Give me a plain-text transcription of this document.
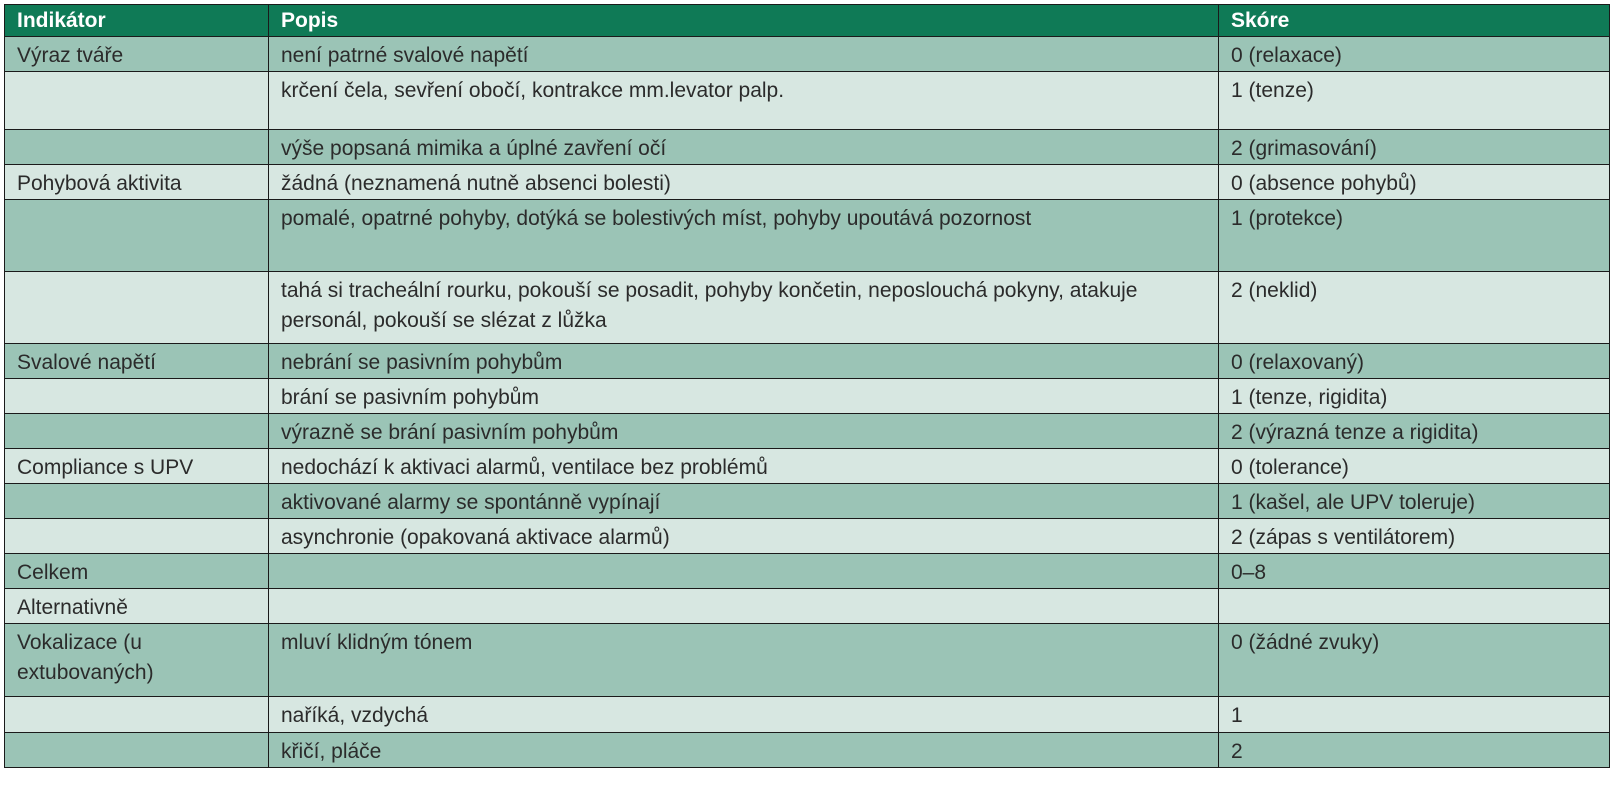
Indikátor	Popis	Skóre
Výraz tváře	není patrné svalové napětí	0 (relaxace)
	krčení čela, sevření obočí, kontrakce mm.levator palp.	1 (tenze)
	výše popsaná mimika a úplné zavření očí	2 (grimasování)
Pohybová aktivita	žádná (neznamená nutně absenci bolesti)	0 (absence pohybů)
	pomalé, opatrné pohyby, dotýká se bolestivých míst, pohyby upoutává pozornost	1 (protekce)
	tahá si tracheální rourku, pokouší se posadit, pohyby končetin, neposlouchá pokyny, atakuje personál, pokouší se slézat z lůžka	2 (neklid)
Svalové napětí	nebrání se pasivním pohybům	0 (relaxovaný)
	brání se pasivním pohybům	1 (tenze, rigidita)
	výrazně se brání pasivním pohybům	2 (výrazná tenze a rigidita)
Compliance s UPV	nedochází k aktivaci alarmů, ventilace bez problémů	0 (tolerance)
	aktivované alarmy se spontánně vypínají	1 (kašel, ale UPV toleruje)
	asynchronie (opakovaná aktivace alarmů)	2 (zápas s ventilátorem)
Celkem		0–8
Alternativně		
Vokalizace (u extubovaných)	mluví klidným tónem	0 (žádné zvuky)
	naříká, vzdychá	1
	křičí, pláče	2
